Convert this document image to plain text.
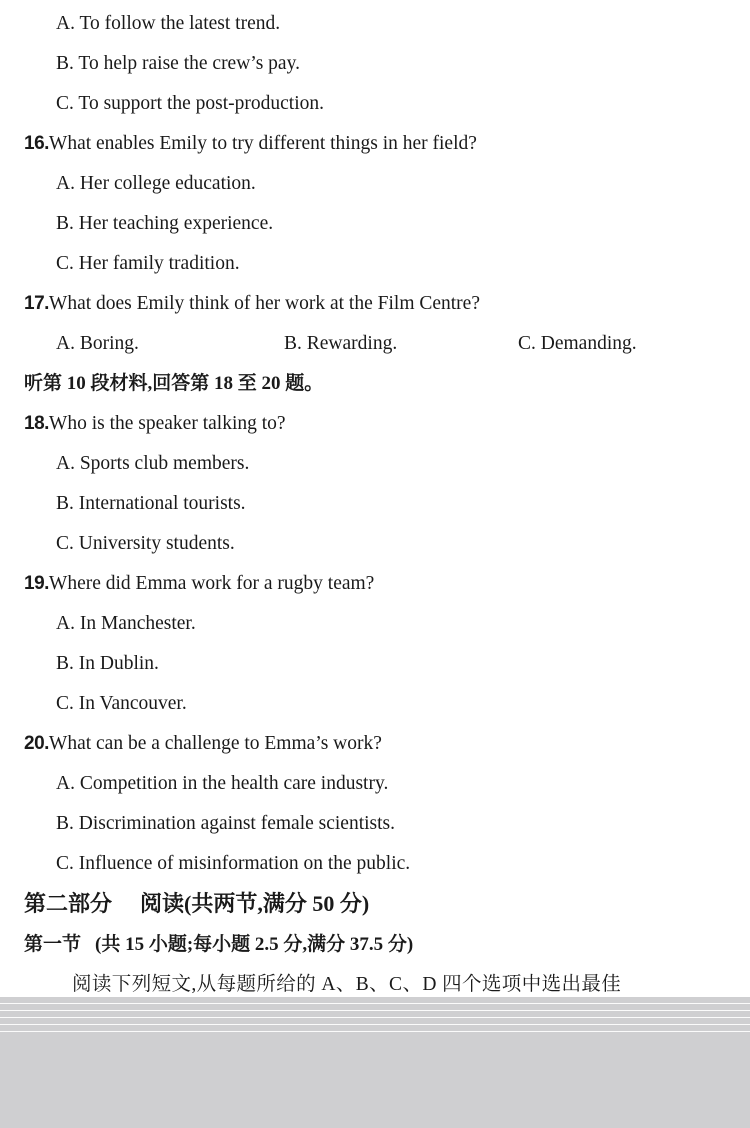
A. To follow the latest trend.
B. To help raise the crew’s pay.
C. To support the post-production.
16.What enables Emily to try different things in her field?
A. Her college education.
B. Her teaching experience.
C. Her family tradition.
17.What does Emily think of her work at the Film Centre?
A. Boring.	B. Rewarding.	C. Demanding.
听第 10 段材料,回答第 18 至 20 题。
18.Who is the speaker talking to?
A. Sports club members.
B. International tourists.
C. University students.
19.Where did Emma work for a rugby team?
A. In Manchester.
B. In Dublin.
C. In Vancouver.
20.What can be a challenge to Emma’s work?
A. Competition in the health care industry.
B. Discrimination against female scientists.
C. Influence of misinformation on the public.
第二部分 阅读(共两节,满分 50 分)
第一节 (共 15 小题;每小题 2.5 分,满分 37.5 分)
阅读下列短文,从每题所给的 A、B、C、D 四个选项中选出最佳
